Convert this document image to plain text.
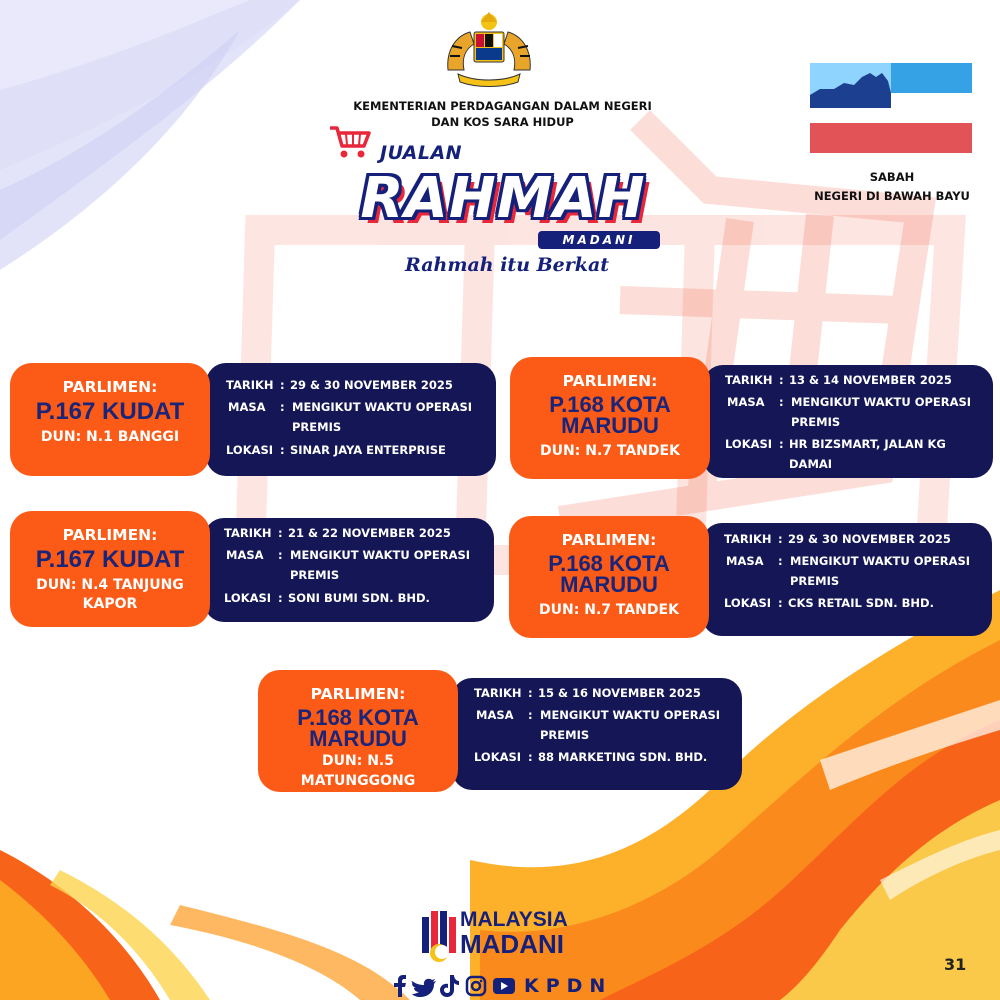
KEMENTERIAN PERDAGANGAN DALAM NEGERI
DAN KOS SARA HIDUP
SABAH
NEGERI DI BAWAH BAYU
JUALAN
RAHMAH
MADANI
Rahmah itu Berkat
PARLIMEN:
P.167 KUDAT
DUN: N.1 BANGGI
TARIKH : 29 & 30 NOVEMBER 2025
MASA : MENGIKUT WAKTU OPERASI PREMIS
LOKASI : SINAR JAYA ENTERPRISE
PARLIMEN:
P.168 KOTA MARUDU
DUN: N.7 TANDEK
TARIKH : 13 & 14 NOVEMBER 2025
MASA : MENGIKUT WAKTU OPERASI PREMIS
LOKASI : HR BIZSMART, JALAN KG DAMAI
PARLIMEN:
P.167 KUDAT
DUN: N.4 TANJUNG KAPOR
TARIKH : 21 & 22 NOVEMBER 2025
MASA : MENGIKUT WAKTU OPERASI PREMIS
LOKASI : SONI BUMI SDN. BHD.
PARLIMEN:
P.168 KOTA MARUDU
DUN: N.7 TANDEK
TARIKH : 29 & 30 NOVEMBER 2025
MASA : MENGIKUT WAKTU OPERASI PREMIS
LOKASI : CKS RETAIL SDN. BHD.
PARLIMEN:
P.168 KOTA MARUDU
DUN: N.5 MATUNGGONG
TARIKH : 15 & 16 NOVEMBER 2025
MASA : MENGIKUT WAKTU OPERASI PREMIS
LOKASI : 88 MARKETING SDN. BHD.
MALAYSIA
MADANI
KPDN
31
